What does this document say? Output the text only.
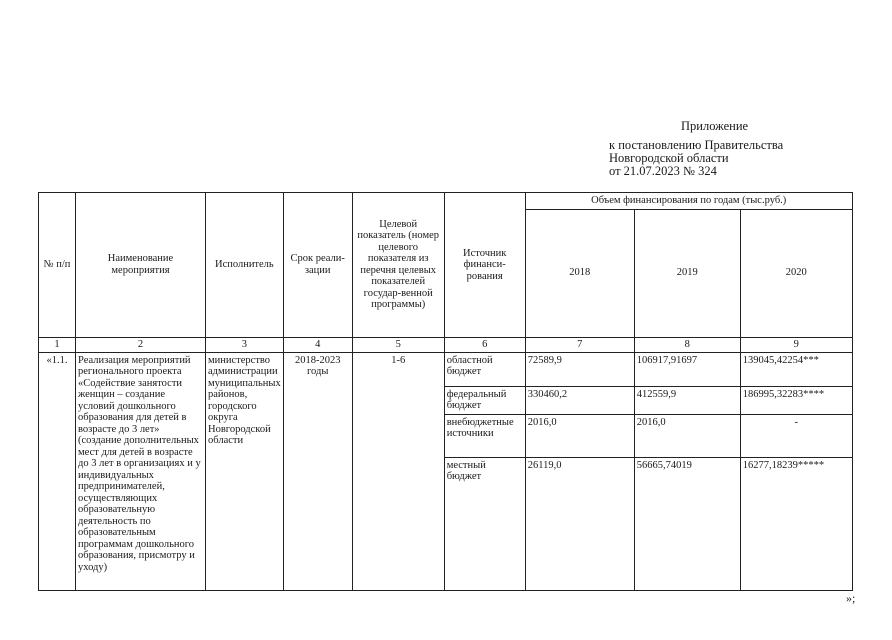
Приложение
к постановлению Правительства
Новгородской области
от 21.07.2023 № 324
№ п/п	Наименование мероприятия	Исполнитель	Срок реали-зации	Целевой показатель (номер целевого показателя из перечня целевых показателей государ-венной программы)	Источник финанси-рования	Объем финансирования по годам (тыс.руб.)		
						2018	2019	2020
1	2	3	4	5	6	7	8	9
«1.1.	Реализация мероприятий регионального проекта «Содействие занятости женщин – создание условий дошкольного образования для детей в возрасте до 3 лет» (создание дополнительных мест для детей в возрасте до 3 лет в организациях и у индивидуальных предпринимателей, осуществляющих образовательную деятельность по образовательным программам дошкольного образования, присмотру и уходу)	министерство администрации муниципальных районов, городского округа Новгородской области	2018-2023 годы	1-6	областной бюджет	72589,9	106917,91697	139045,42254***
					федеральный бюджет	330460,2	412559,9	186995,32283****
					внебюджетные источники	2016,0	2016,0	-
					местный бюджет	26119,0	56665,74019	16277,18239*****
»;
